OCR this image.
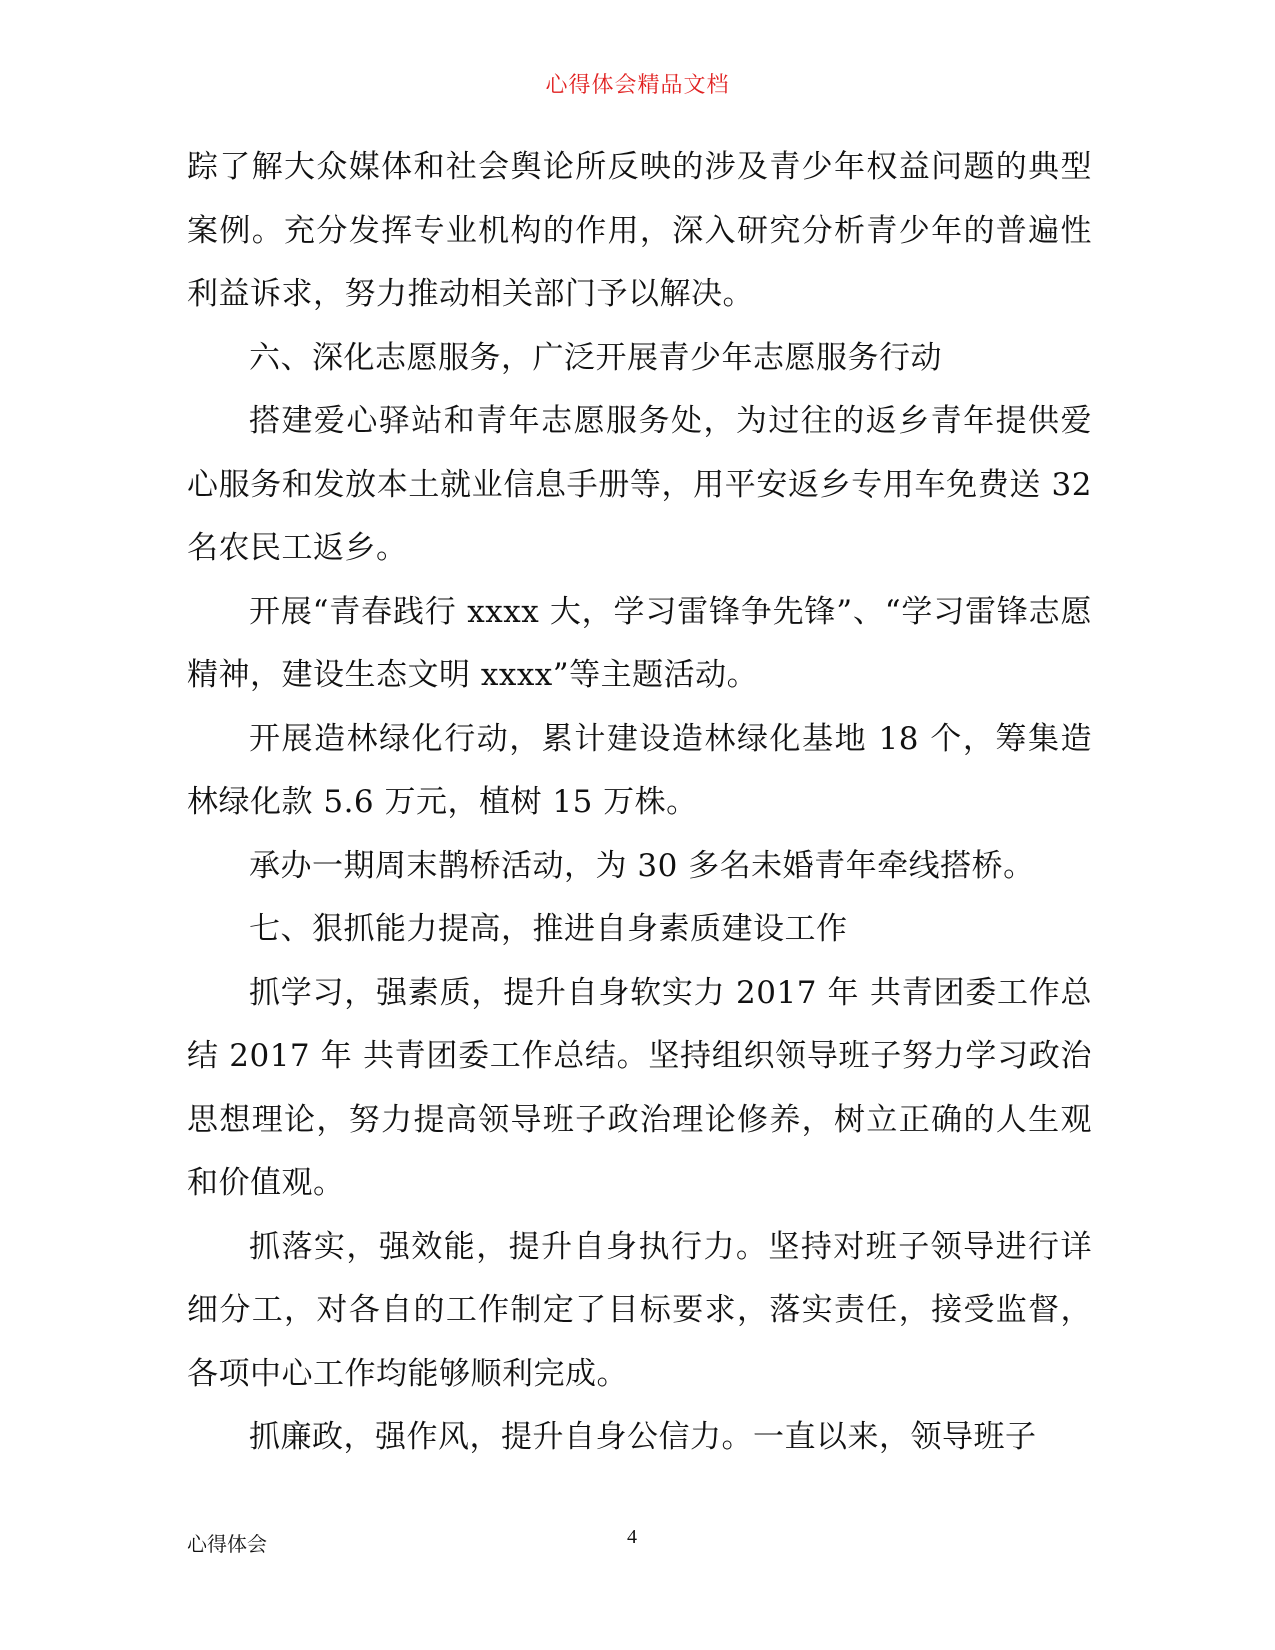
心得体会精品文档

踪了解大众媒体和社会舆论所反映的涉及青少年权益问题的典型案例。充分发挥专业机构的作用，深入研究分析青少年的普遍性利益诉求，努力推动相关部门予以解决。

六、深化志愿服务，广泛开展青少年志愿服务行动

搭建爱心驿站和青年志愿服务处，为过往的返乡青年提供爱心服务和发放本土就业信息手册等，用平安返乡专用车免费送 32 名农民工返乡。

开展“青春践行 xxxx 大，学习雷锋争先锋”、“学习雷锋志愿精神，建设生态文明 xxxx”等主题活动。

开展造林绿化行动，累计建设造林绿化基地 18 个，筹集造林绿化款 5.6 万元，植树 15 万株。

承办一期周末鹊桥活动，为 30 多名未婚青年牵线搭桥。

七、狠抓能力提高，推进自身素质建设工作

抓学习，强素质，提升自身软实力 2017 年 共青团委工作总结 2017 年 共青团委工作总结。坚持组织领导班子努力学习政治思想理论，努力提高领导班子政治理论修养，树立正确的人生观和价值观。

抓落实，强效能，提升自身执行力。坚持对班子领导进行详细分工，对各自的工作制定了目标要求，落实责任，接受监督，各项中心工作均能够顺利完成。

抓廉政，强作风，提升自身公信力。一直以来，领导班子

心得体会	4
